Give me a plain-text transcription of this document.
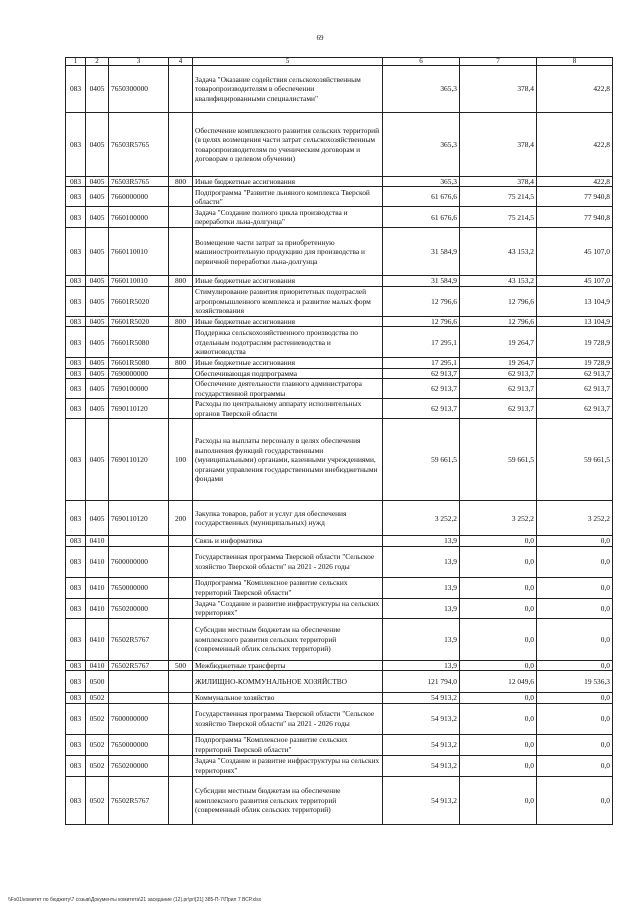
69
1	2	3	4	5	6	7	8
083	0405	7650300000		Задача "Оказание содействия сельскохозяйственным товаропроизводителям в обеспечении квалифицированными специалистами"	365,3	378,4	422,8
083	0405	76503R5765		Обеспечение комплексного развития сельских территорий (в целях возмещения части затрат сельскохозяйственным товаропроизводителям по ученическим договорам и договорам о целевом обучении)	365,3	378,4	422,8
083	0405	76503R5765	800	Иные бюджетные ассигнования	365,3	378,4	422,8
083	0405	7660000000		Подпрограмма "Развитие льняного комплекса Тверской области"	61 676,6	75 214,5	77 940,8
083	0405	7660100000		Задача "Создание полного цикла производства и переработки льна-долгунца"	61 676,6	75 214,5	77 940,8
083	0405	7660110010		Возмещение части затрат за приобретенную машиностроительную продукцию для производства и первичной переработки льна-долгунца	31 584,9	43 153,2	45 107,0
083	0405	7660110010	800	Иные бюджетные ассигнования	31 584,9	43 153,2	45 107,0
083	0405	76601R5020		Стимулирование развития приоритетных подотраслей агропромышленного комплекса и развитие малых форм хозяйствования	12 796,6	12 796,6	13 104,9
083	0405	76601R5020	800	Иные бюджетные ассигнования	12 796,6	12 796,6	13 104,9
083	0405	76601R5080		Поддержка сельскохозяйственного производства по отдельным подотраслям растениеводства и животноводства	17 295,1	19 264,7	19 728,9
083	0405	76601R5080	800	Иные бюджетные ассигнования	17 295,1	19 264,7	19 728,9
083	0405	7690000000		Обеспечивающая подпрограмма	62 913,7	62 913,7	62 913,7
083	0405	7690100000		Обеспечение деятельности главного администратора государственной программы	62 913,7	62 913,7	62 913,7
083	0405	7690110120		Расходы по центральному аппарату исполнительных органов Тверской области	62 913,7	62 913,7	62 913,7
083	0405	7690110120	100	Расходы на выплаты персоналу в целях обеспечения выполнения функций государственными (муниципальными) органами, казенными учреждениями, органами управления государственными внебюджетными фондами	59 661,5	59 661,5	59 661,5
083	0405	7690110120	200	Закупка товаров, работ и услуг для обеспечения государственных (муниципальных) нужд	3 252,2	3 252,2	3 252,2
083	0410			Связь и информатика	13,9	0,0	0,0
083	0410	7600000000		Государственная программа Тверской области "Сельское хозяйство Тверской области" на 2021 - 2026 годы	13,9	0,0	0,0
083	0410	7650000000		Подпрограмма "Комплексное развитие сельских территорий Тверской области"	13,9	0,0	0,0
083	0410	7650200000		Задача "Создание и развитие инфраструктуры на сельских территориях"	13,9	0,0	0,0
083	0410	76502R5767		Субсидии местным бюджетам на обеспечение комплексного развития сельских территорий (современный облик сельских территорий)	13,9	0,0	0,0
083	0410	76502R5767	500	Межбюджетные трансферты	13,9	0,0	0,0
083	0500			ЖИЛИЩНО-КОММУНАЛЬНОЕ ХОЗЯЙСТВО	121 794,0	12 049,6	19 536,3
083	0502			Коммунальное хозяйство	54 913,2	0,0	0,0
083	0502	7600000000		Государственная программа Тверской области "Сельское хозяйство Тверской области" на 2021 - 2026 годы	54 913,2	0,0	0,0
083	0502	7650000000		Подпрограмма "Комплексное развитие сельских территорий Тверской области"	54 913,2	0,0	0,0
083	0502	7650200000		Задача "Создание и развитие инфраструктуры на сельских территориях"	54 913,2	0,0	0,0
083	0502	76502R5767		Субсидии местным бюджетам на обеспечение комплексного развития сельских территорий (современный облик сельских территорий)	54 913,2	0,0	0,0
\\Fs01\комитет по бюджету\7 созыв\Документы комитета\21 заседание (12).pr\pr\[21] 385-П-7\Прил 7 ВСР.xlsx
